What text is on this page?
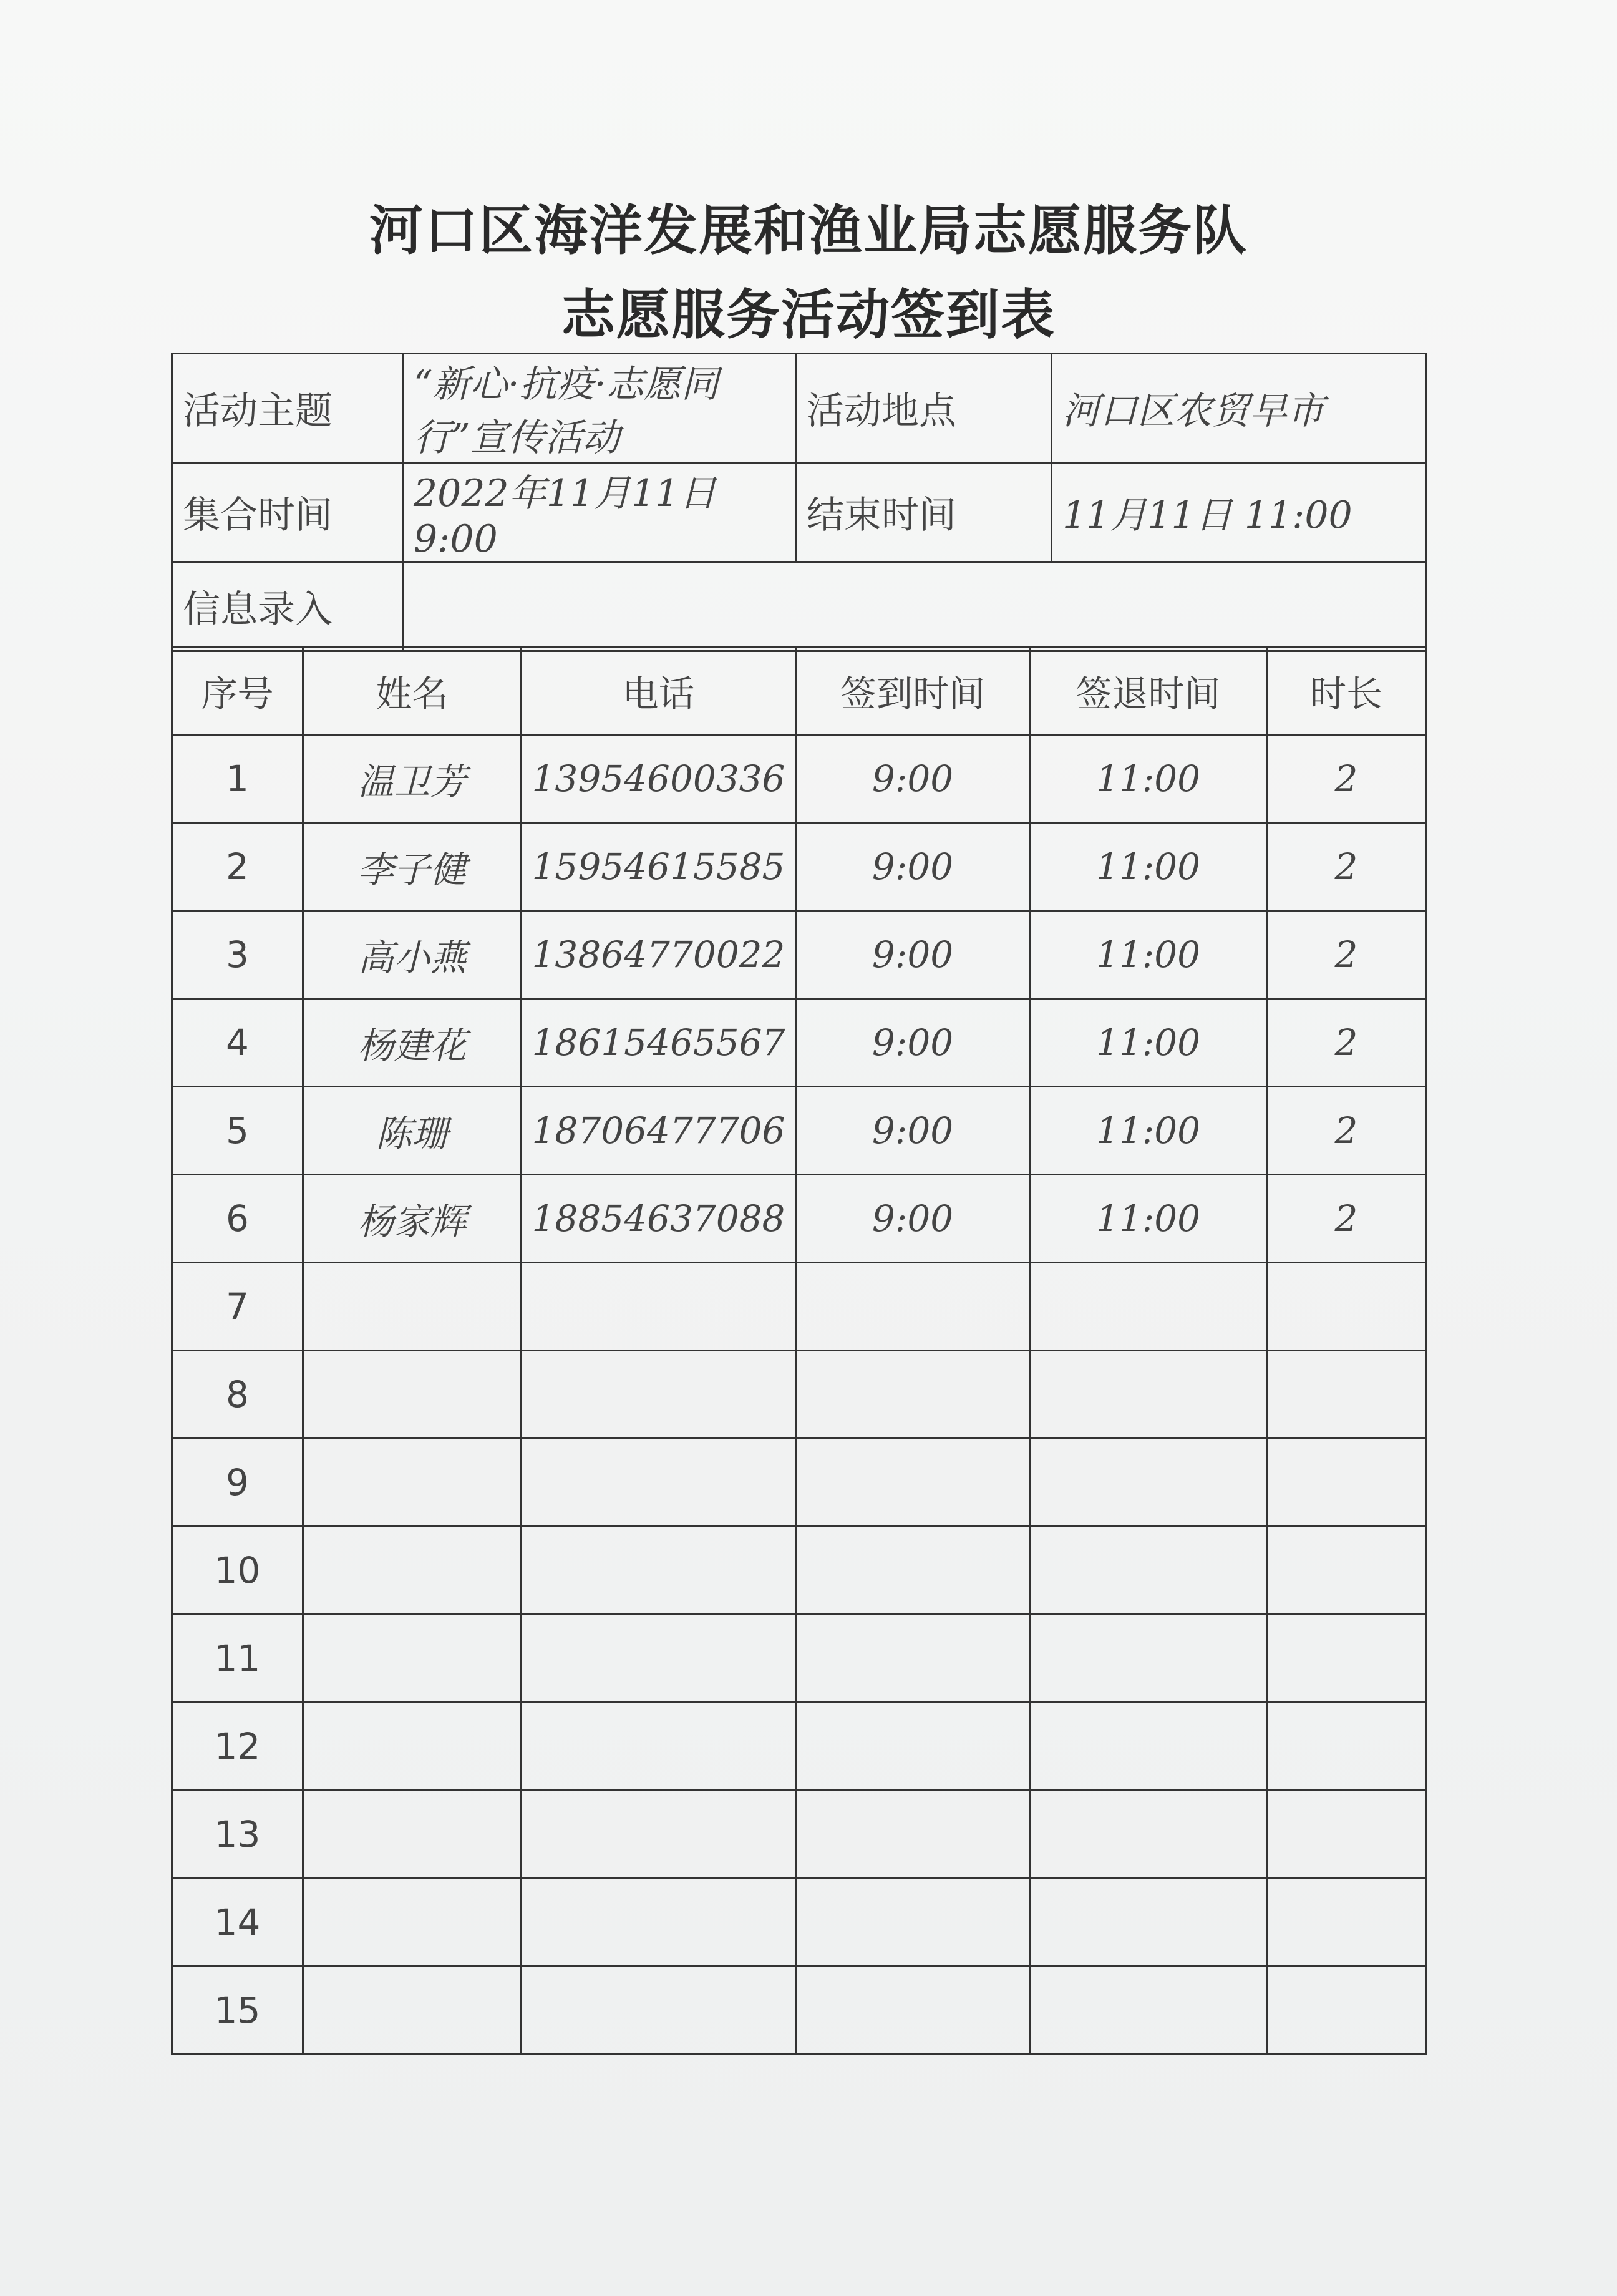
河口区海洋发展和渔业局志愿服务队
志愿服务活动签到表
活动主题	“新心·抗疫·志愿同行”宣传活动	活动地点	河口区农贸早市
集合时间	2022年11月11日 9:00	结束时间	11月11日 11:00
信息录入			
序号	姓名	电话	签到时间	签退时间	时长
1	温卫芳	13954600336	9:00	11:00	2
2	李子健	15954615585	9:00	11:00	2
3	高小燕	13864770022	9:00	11:00	2
4	杨建花	18615465567	9:00	11:00	2
5	陈珊	18706477706	9:00	11:00	2
6	杨家辉	18854637088	9:00	11:00	2
7					
8					
9					
10					
11					
12					
13					
14					
15					
